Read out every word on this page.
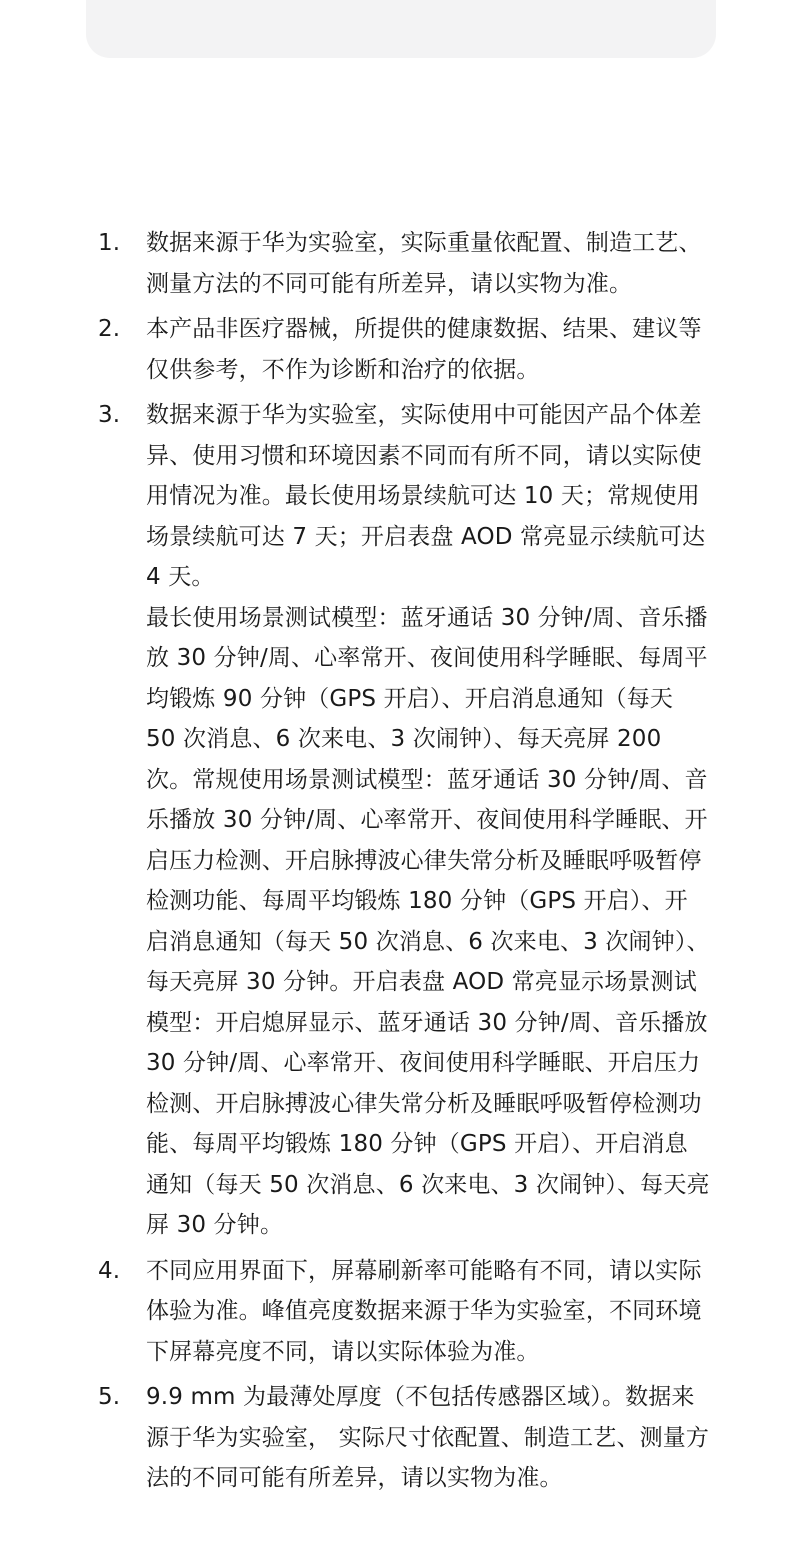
1. 数据来源于华为实验室，实际重量依配置、制造工艺、测量方法的不同可能有所差异，请以实物为准。

2. 本产品非医疗器械，所提供的健康数据、结果、建议等仅供参考，不作为诊断和治疗的依据。

3. 数据来源于华为实验室，实际使用中可能因产品个体差异、使用习惯和环境因素不同而有所不同，请以实际使用情况为准。最长使用场景续航可达 10 天；常规使用场景续航可达 7 天；开启表盘 AOD 常亮显示续航可达 4 天。

最长使用场景测试模型：蓝牙通话 30 分钟/周、音乐播放 30 分钟/周、心率常开、夜间使用科学睡眠、每周平均锻炼 90 分钟（GPS 开启）、开启消息通知（每天 50 次消息、6 次来电、3 次闹钟）、每天亮屏 200 次。常规使用场景测试模型：蓝牙通话 30 分钟/周、音乐播放 30 分钟/周、心率常开、夜间使用科学睡眠、开启压力检测、开启脉搏波心律失常分析及睡眠呼吸暂停检测功能、每周平均锻炼 180 分钟（GPS 开启）、开启消息通知（每天 50 次消息、6 次来电、3 次闹钟）、每天亮屏 30 分钟。开启表盘 AOD 常亮显示场景测试模型：开启熄屏显示、蓝牙通话 30 分钟/周、音乐播放 30 分钟/周、心率常开、夜间使用科学睡眠、开启压力检测、开启脉搏波心律失常分析及睡眠呼吸暂停检测功能、每周平均锻炼 180 分钟（GPS 开启）、开启消息通知（每天 50 次消息、6 次来电、3 次闹钟）、每天亮屏 30 分钟。

4. 不同应用界面下，屏幕刷新率可能略有不同，请以实际体验为准。峰值亮度数据来源于华为实验室，不同环境下屏幕亮度不同，请以实际体验为准。

5. 9.9 mm 为最薄处厚度（不包括传感器区域）。数据来源于华为实验室， 实际尺寸依配置、制造工艺、测量方法的不同可能有所差异，请以实物为准。
